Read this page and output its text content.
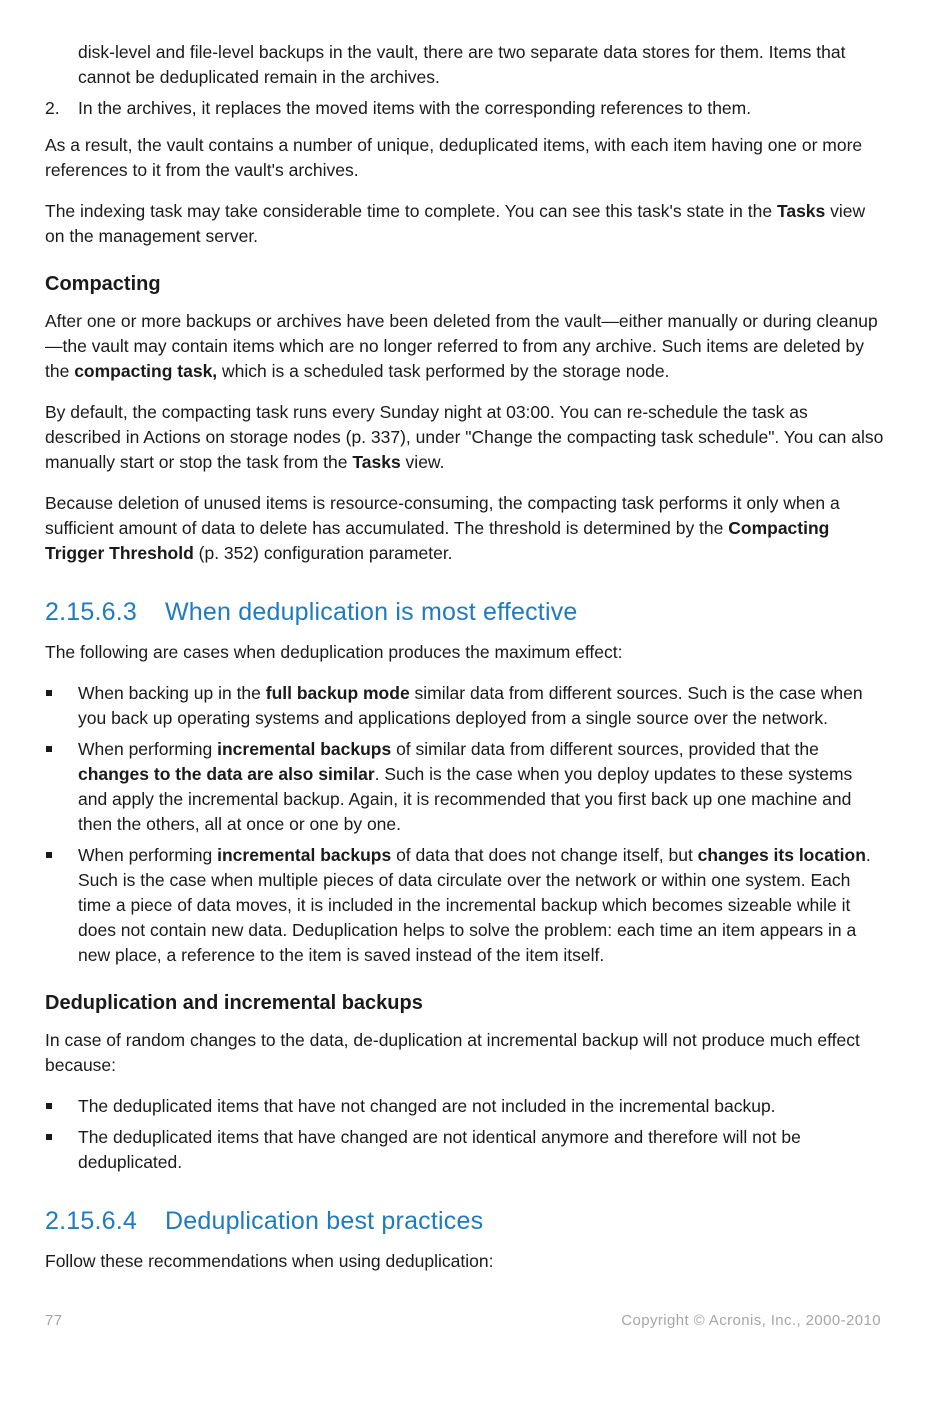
disk-level and file-level backups in the vault, there are two separate data stores for them. Items that cannot be deduplicated remain in the archives.

2. In the archives, it replaces the moved items with the corresponding references to them.

As a result, the vault contains a number of unique, deduplicated items, with each item having one or more references to it from the vault's archives.

The indexing task may take considerable time to complete. You can see this task's state in the Tasks view on the management server.

Compacting

After one or more backups or archives have been deleted from the vault—either manually or during cleanup—the vault may contain items which are no longer referred to from any archive. Such items are deleted by the compacting task, which is a scheduled task performed by the storage node.

By default, the compacting task runs every Sunday night at 03:00. You can re-schedule the task as described in Actions on storage nodes (p. 337), under "Change the compacting task schedule". You can also manually start or stop the task from the Tasks view.

Because deletion of unused items is resource-consuming, the compacting task performs it only when a sufficient amount of data to delete has accumulated. The threshold is determined by the Compacting Trigger Threshold (p. 352) configuration parameter.

2.15.6.3 When deduplication is most effective

The following are cases when deduplication produces the maximum effect:

When backing up in the full backup mode similar data from different sources. Such is the case when you back up operating systems and applications deployed from a single source over the network.
When performing incremental backups of similar data from different sources, provided that the changes to the data are also similar. Such is the case when you deploy updates to these systems and apply the incremental backup. Again, it is recommended that you first back up one machine and then the others, all at once or one by one.
When performing incremental backups of data that does not change itself, but changes its location. Such is the case when multiple pieces of data circulate over the network or within one system. Each time a piece of data moves, it is included in the incremental backup which becomes sizeable while it does not contain new data. Deduplication helps to solve the problem: each time an item appears in a new place, a reference to the item is saved instead of the item itself.
Deduplication and incremental backups

In case of random changes to the data, de-duplication at incremental backup will not produce much effect because:

The deduplicated items that have not changed are not included in the incremental backup.
The deduplicated items that have changed are not identical anymore and therefore will not be deduplicated.
2.15.6.4 Deduplication best practices

Follow these recommendations when using deduplication:

77	Copyright © Acronis, Inc., 2000-2010
